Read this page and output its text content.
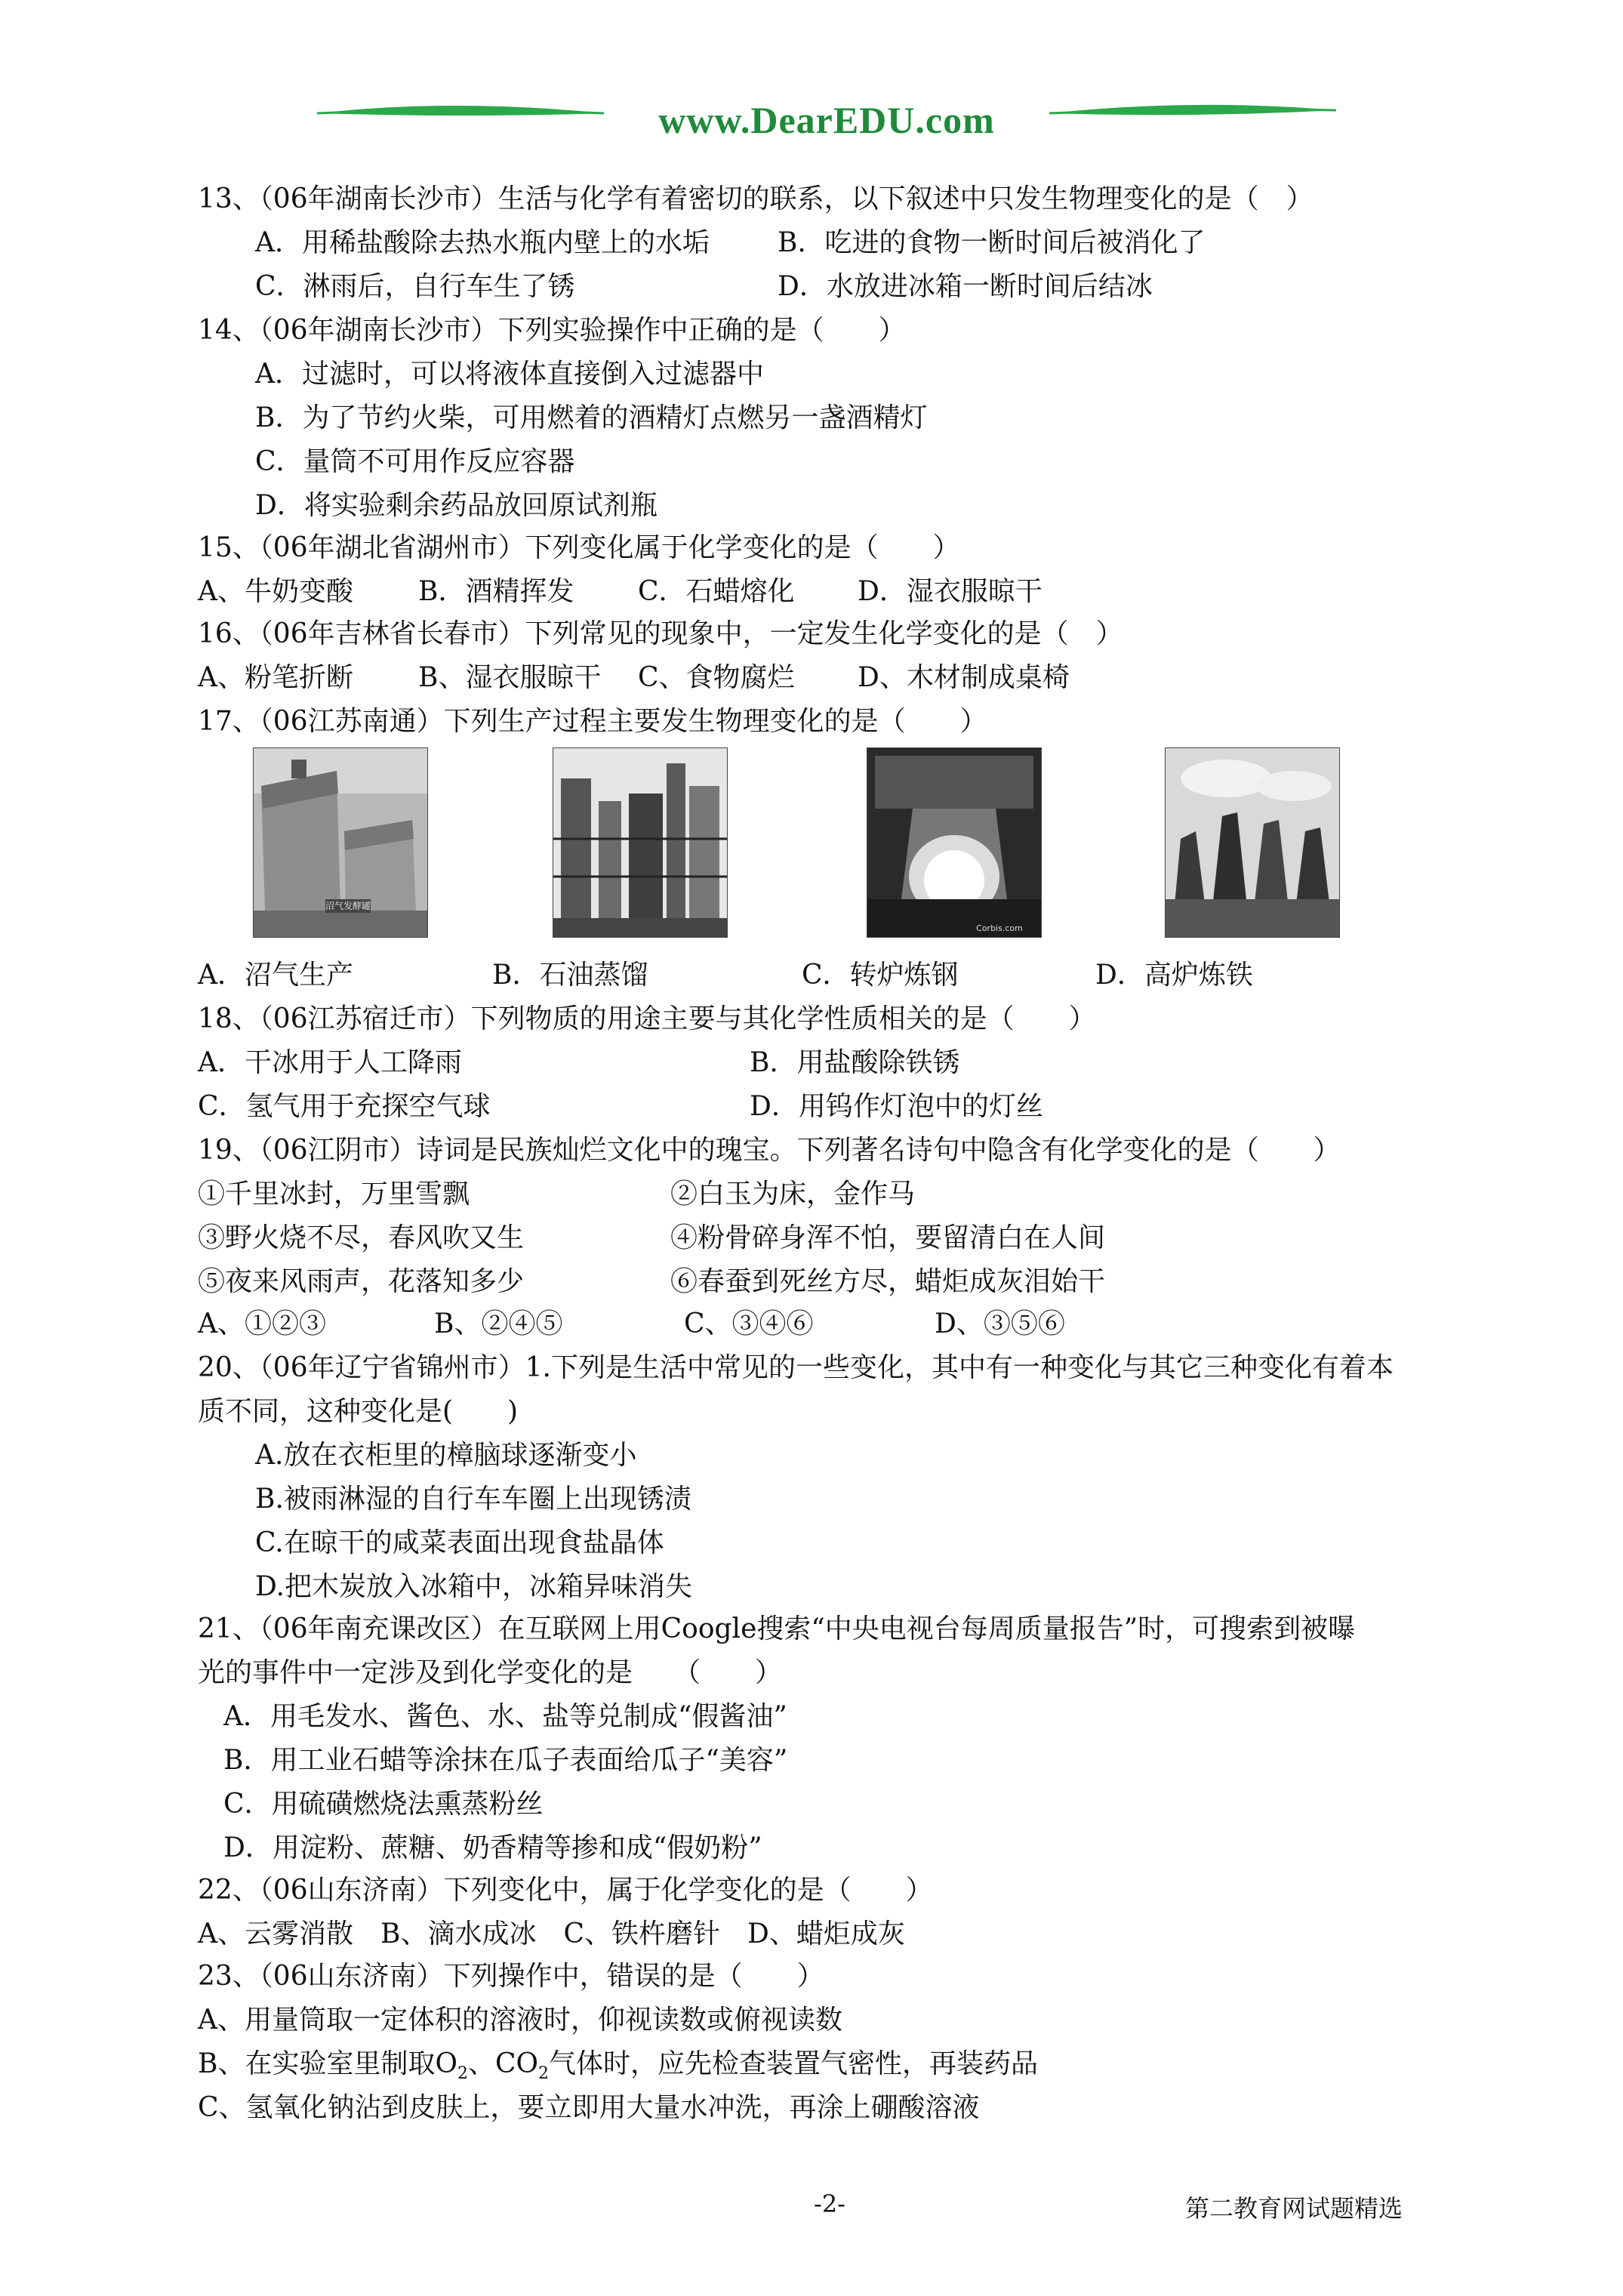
www.DearEDU.com
13、（06年湖南长沙市）生活与化学有着密切的联系，以下叙述中只发生物理变化的是（　）
A．用稀盐酸除去热水瓶内壁上的水垢	B．吃进的食物一断时间后被消化了
C．淋雨后，自行车生了锈	D．水放进冰箱一断时间后结冰
14、（06年湖南长沙市）下列实验操作中正确的是（　　）
A．过滤时，可以将液体直接倒入过滤器中
B．为了节约火柴，可用燃着的酒精灯点燃另一盏酒精灯
C．量筒不可用作反应容器
D．将实验剩余药品放回原试剂瓶
15、（06年湖北省湖州市）下列变化属于化学变化的是（　　）
A、牛奶变酸 B．酒精挥发 C．石蜡熔化 D．湿衣服晾干
16、（06年吉林省长春市）下列常见的现象中，一定发生化学变化的是（　）
A、粉笔折断 B、湿衣服晾干 C、食物腐烂 D、木材制成桌椅
17、（06江苏南通）下列生产过程主要发生物理变化的是（　　）
沼气发酵罐
Corbis.com
A．沼气生产	B．石油蒸馏	C．转炉炼钢	D．高炉炼铁
18、（06江苏宿迁市）下列物质的用途主要与其化学性质相关的是（　　）
A．干冰用于人工降雨	B．用盐酸除铁锈
C．氢气用于充探空气球	D．用钨作灯泡中的灯丝
19、（06江阴市）诗词是民族灿烂文化中的瑰宝。下列著名诗句中隐含有化学变化的是（　　）
①千里冰封，万里雪飘	②白玉为床，金作马
③野火烧不尽，春风吹又生	④粉骨碎身浑不怕，要留清白在人间
⑤夜来风雨声，花落知多少	⑥春蚕到死丝方尽，蜡炬成灰泪始干
A、①②③	B、②④⑤	C、③④⑥	D、③⑤⑥
20、（06年辽宁省锦州市）1.下列是生活中常见的一些变化，其中有一种变化与其它三种变化有着本
质不同，这种变化是(　　)
A.放在衣柜里的樟脑球逐渐变小
B.被雨淋湿的自行车车圈上出现锈渍
C.在晾干的咸菜表面出现食盐晶体
D.把木炭放入冰箱中，冰箱异味消失
21、（06年南充课改区）在互联网上用Coogle搜索“中央电视台每周质量报告”时，可搜索到被曝
光的事件中一定涉及到化学变化的是　　（　　）
A．用毛发水、酱色、水、盐等兑制成“假酱油”
B．用工业石蜡等涂抹在瓜子表面给瓜子“美容”
C．用硫磺燃烧法熏蒸粉丝
D．用淀粉、蔗糖、奶香精等掺和成“假奶粉”
22、（06山东济南）下列变化中，属于化学变化的是（　　）
A、云雾消散　B、滴水成冰　C、铁杵磨针　D、蜡炬成灰
23、（06山东济南）下列操作中，错误的是（　　）
A、用量筒取一定体积的溶液时，仰视读数或俯视读数
B、在实验室里制取$O_2$、$CO_2$气体时，应先检查装置气密性，再装药品
C、氢氧化钠沾到皮肤上，要立即用大量水冲洗，再涂上硼酸溶液
-2-	第二教育网试题精选
